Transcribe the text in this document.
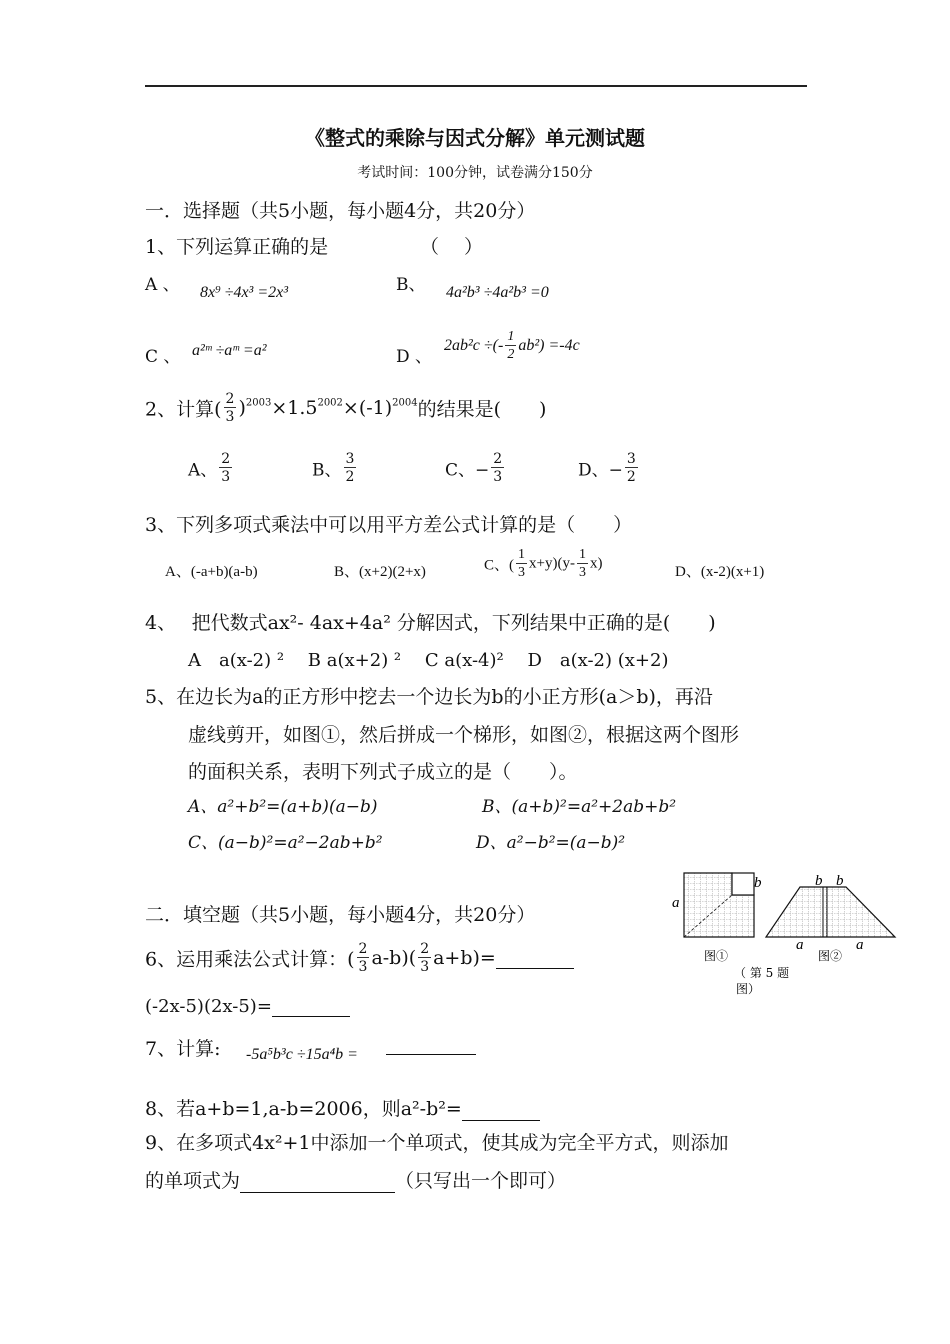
《整式的乘除与因式分解》单元测试题
考试时间：100分钟，试卷满分150分
一．选择题（共5小题，每小题4分，共20分）
1、下列运算正确的是	（　 ）
A 、 8x⁹ ÷4x³ =2x³	B、 4a²b³ ÷4a²b³ =0
C 、 a²ᵐ ÷aᵐ =a²	D 、
2ab²c ÷(- $\frac{1}{2} ab^2) =-4c$
2、计算( $\frac{2}{3} )^{2003}\times 1.5^{2002}\times(-1)^{2004}$的结果是(　　)
A、 $\frac{2}{3}$	B、 $\frac{3}{2}$	C、− $\frac{2}{3}$	D、− $\frac{3}{2}$
3、下列多项式乘法中可以用平方差公式计算的是（　　）
A、(-a+b)(a-b)	B、(x+2)(2+x)	C、( $\frac{1}{3} x+y)(y- \frac{1}{3} x)$
D、(x-2)(x+1)
4、　 把代数式ax²- 4ax+4a² 分解因式，下列结果中正确的是(　　)
A　a(x-2) ²　 B a(x+2) ²　 C a(x-4)²　 D　a(x-2) (x+2)
5、在边长为a的正方形中挖去一个边长为b的小正方形(a＞b)，再沿
虚线剪开，如图①，然后拼成一个梯形，如图②，根据这两个图形
的面积关系，表明下列式子成立的是（　　）。
A、a²+b²=(a+b)(a−b)	B、(a+b)²=a²+2ab+b²
C、(a−b)²=a²−2ab+b²	D、a²−b²=(a−b)²
a
b	b b
a	a
图①	图②
（ 第 5 题
图）
二．填空题（共5小题，每小题4分，共20分）
6、运用乘法公式计算：( $\frac{2}{3} a-b)( \frac{2}{3} a+b)=$
(-2x-5)(2x-5)=
7、计算: -5a⁵b³c ÷15a⁴b =
8、若a+b=1,a-b=2006，则a²-b²=
9、在多项式4x²+1中添加一个单项式，使其成为完全平方式，则添加
的单项式为	（只写出一个即可）
